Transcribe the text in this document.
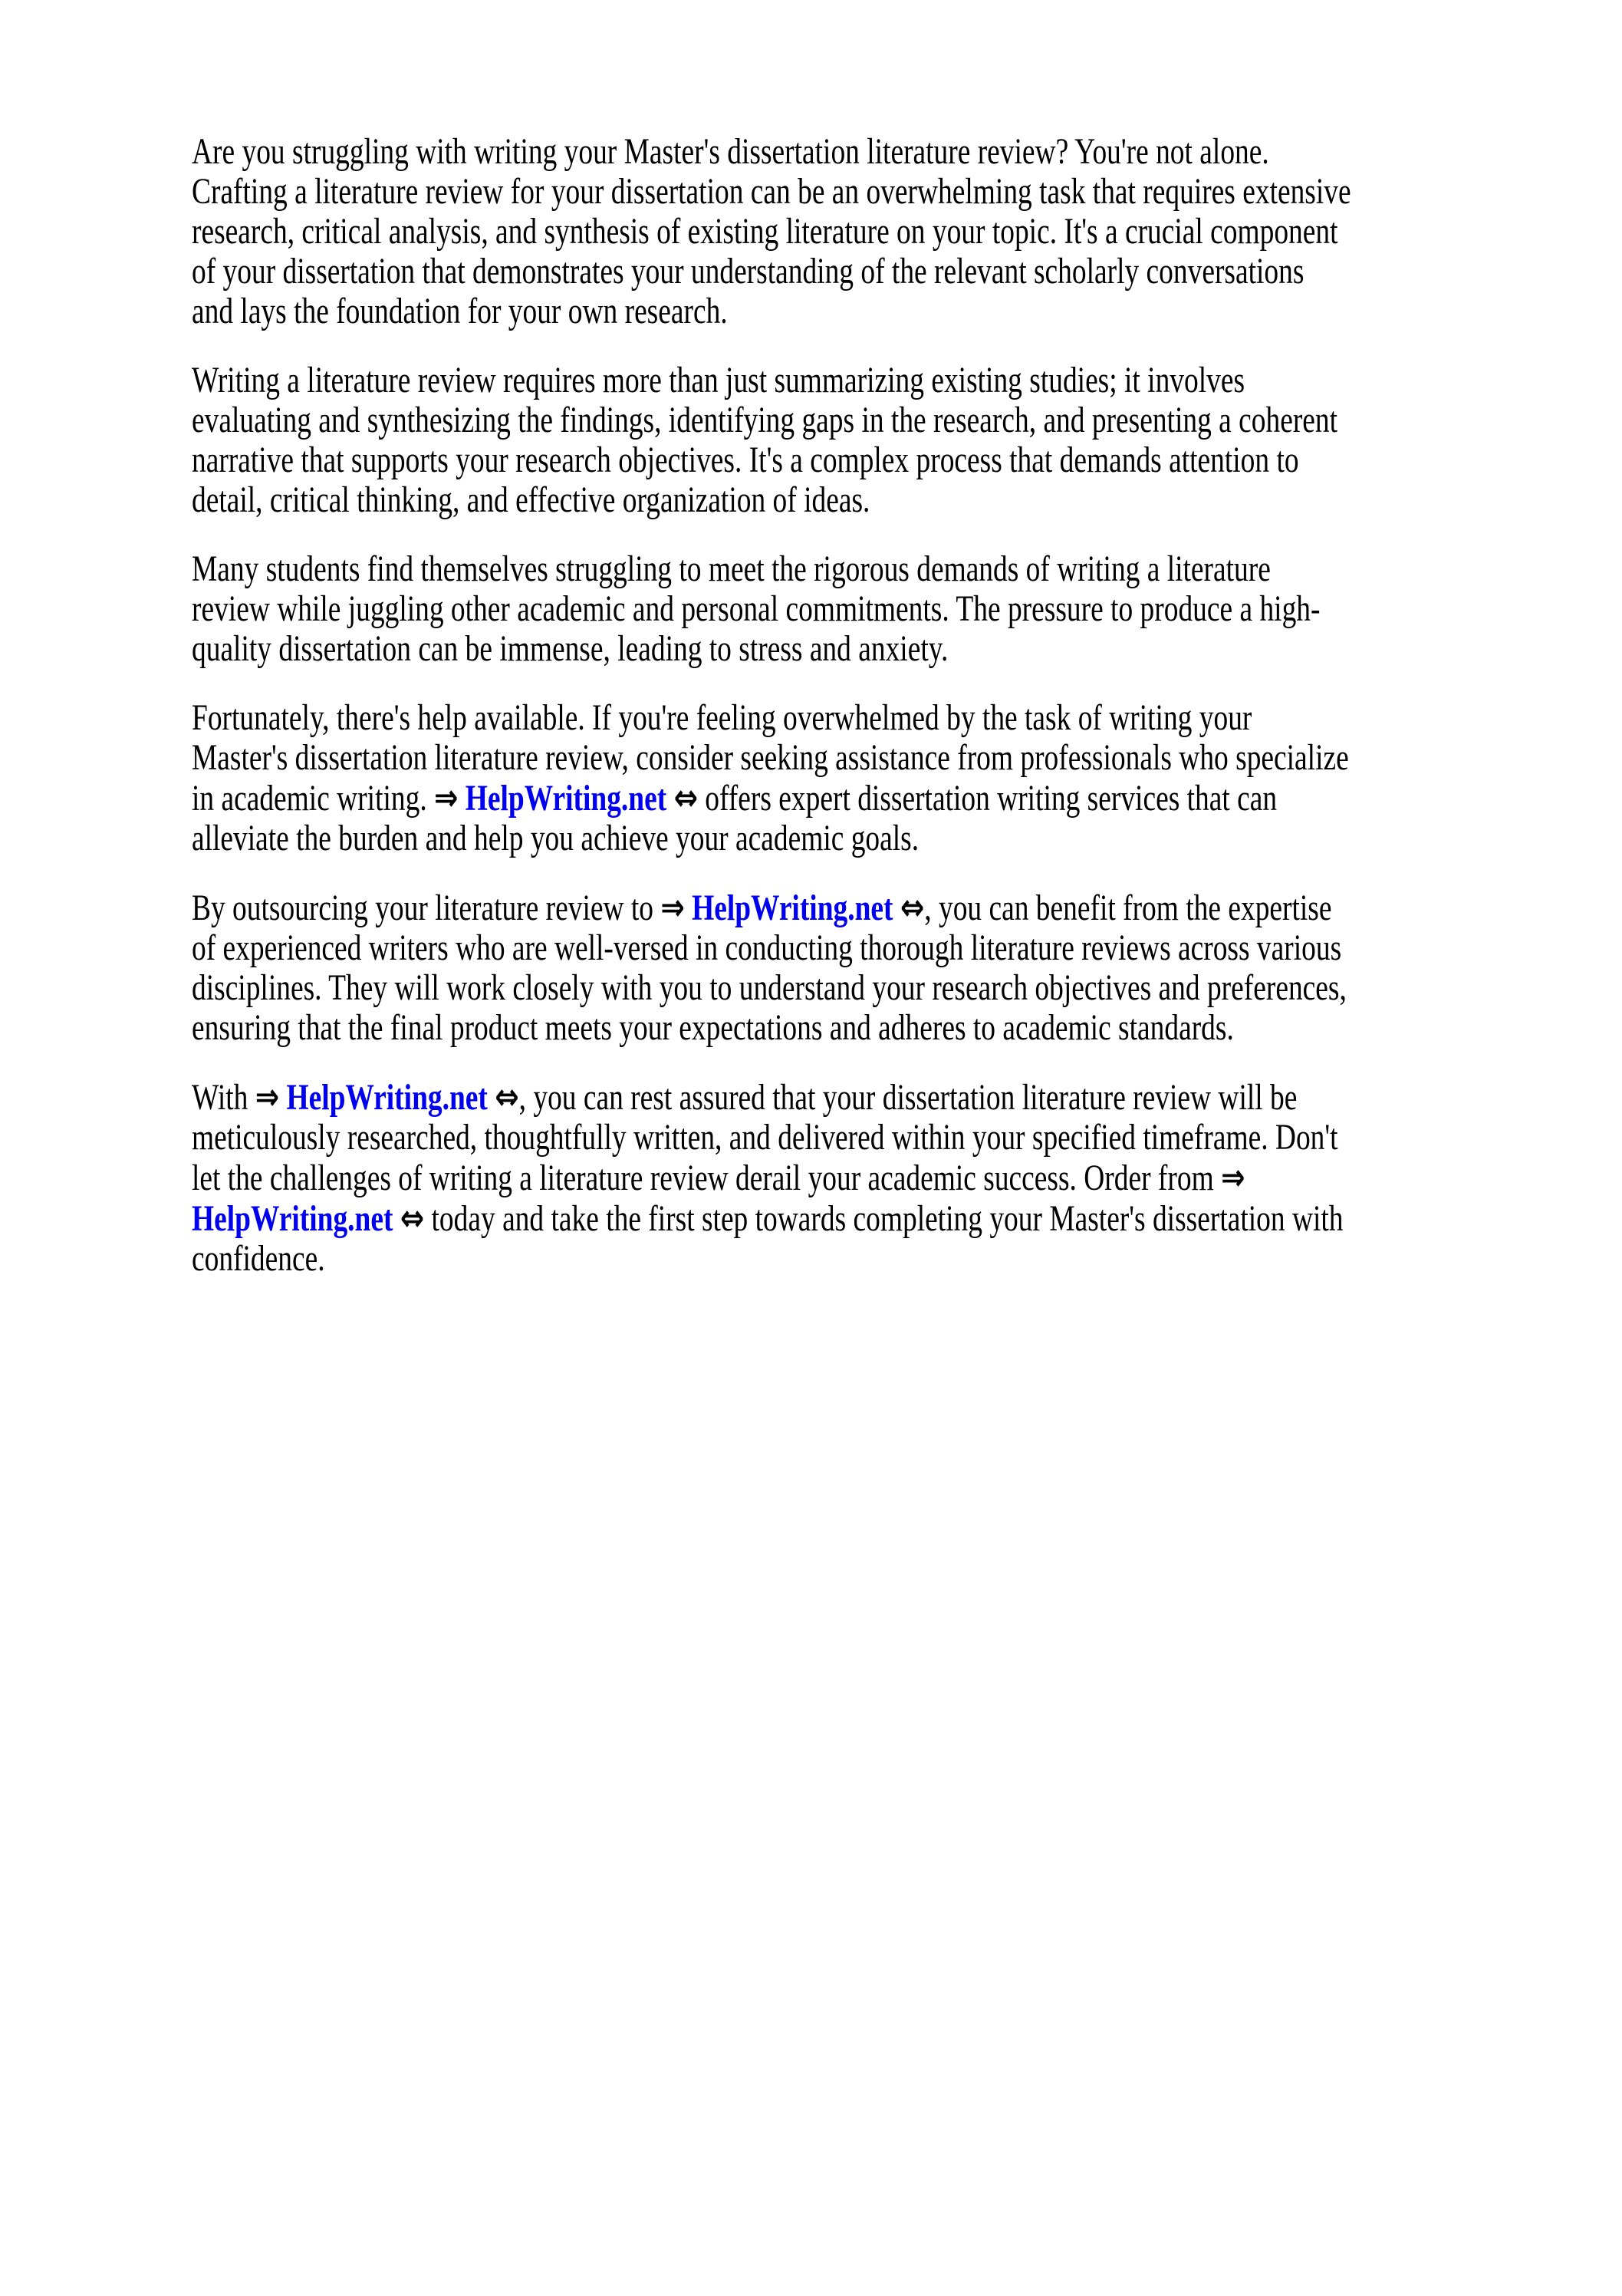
Are you struggling with writing your Master's dissertation literature review? You're not alone.
Crafting a literature review for your dissertation can be an overwhelming task that requires extensive
research, critical analysis, and synthesis of existing literature on your topic. It's a crucial component
of your dissertation that demonstrates your understanding of the relevant scholarly conversations
and lays the foundation for your own research.
Writing a literature review requires more than just summarizing existing studies; it involves
evaluating and synthesizing the findings, identifying gaps in the research, and presenting a coherent
narrative that supports your research objectives. It's a complex process that demands attention to
detail, critical thinking, and effective organization of ideas.
Many students find themselves struggling to meet the rigorous demands of writing a literature
review while juggling other academic and personal commitments. The pressure to produce a high-
quality dissertation can be immense, leading to stress and anxiety.
Fortunately, there's help available. If you're feeling overwhelmed by the task of writing your
Master's dissertation literature review, consider seeking assistance from professionals who specialize
in academic writing. ⇒ HelpWriting.net ⇔ offers expert dissertation writing services that can
alleviate the burden and help you achieve your academic goals.
By outsourcing your literature review to ⇒ HelpWriting.net ⇔, you can benefit from the expertise
of experienced writers who are well-versed in conducting thorough literature reviews across various
disciplines. They will work closely with you to understand your research objectives and preferences,
ensuring that the final product meets your expectations and adheres to academic standards.
With ⇒ HelpWriting.net ⇔, you can rest assured that your dissertation literature review will be
meticulously researched, thoughtfully written, and delivered within your specified timeframe. Don't
let the challenges of writing a literature review derail your academic success. Order from ⇒
HelpWriting.net ⇔ today and take the first step towards completing your Master's dissertation with
confidence.
